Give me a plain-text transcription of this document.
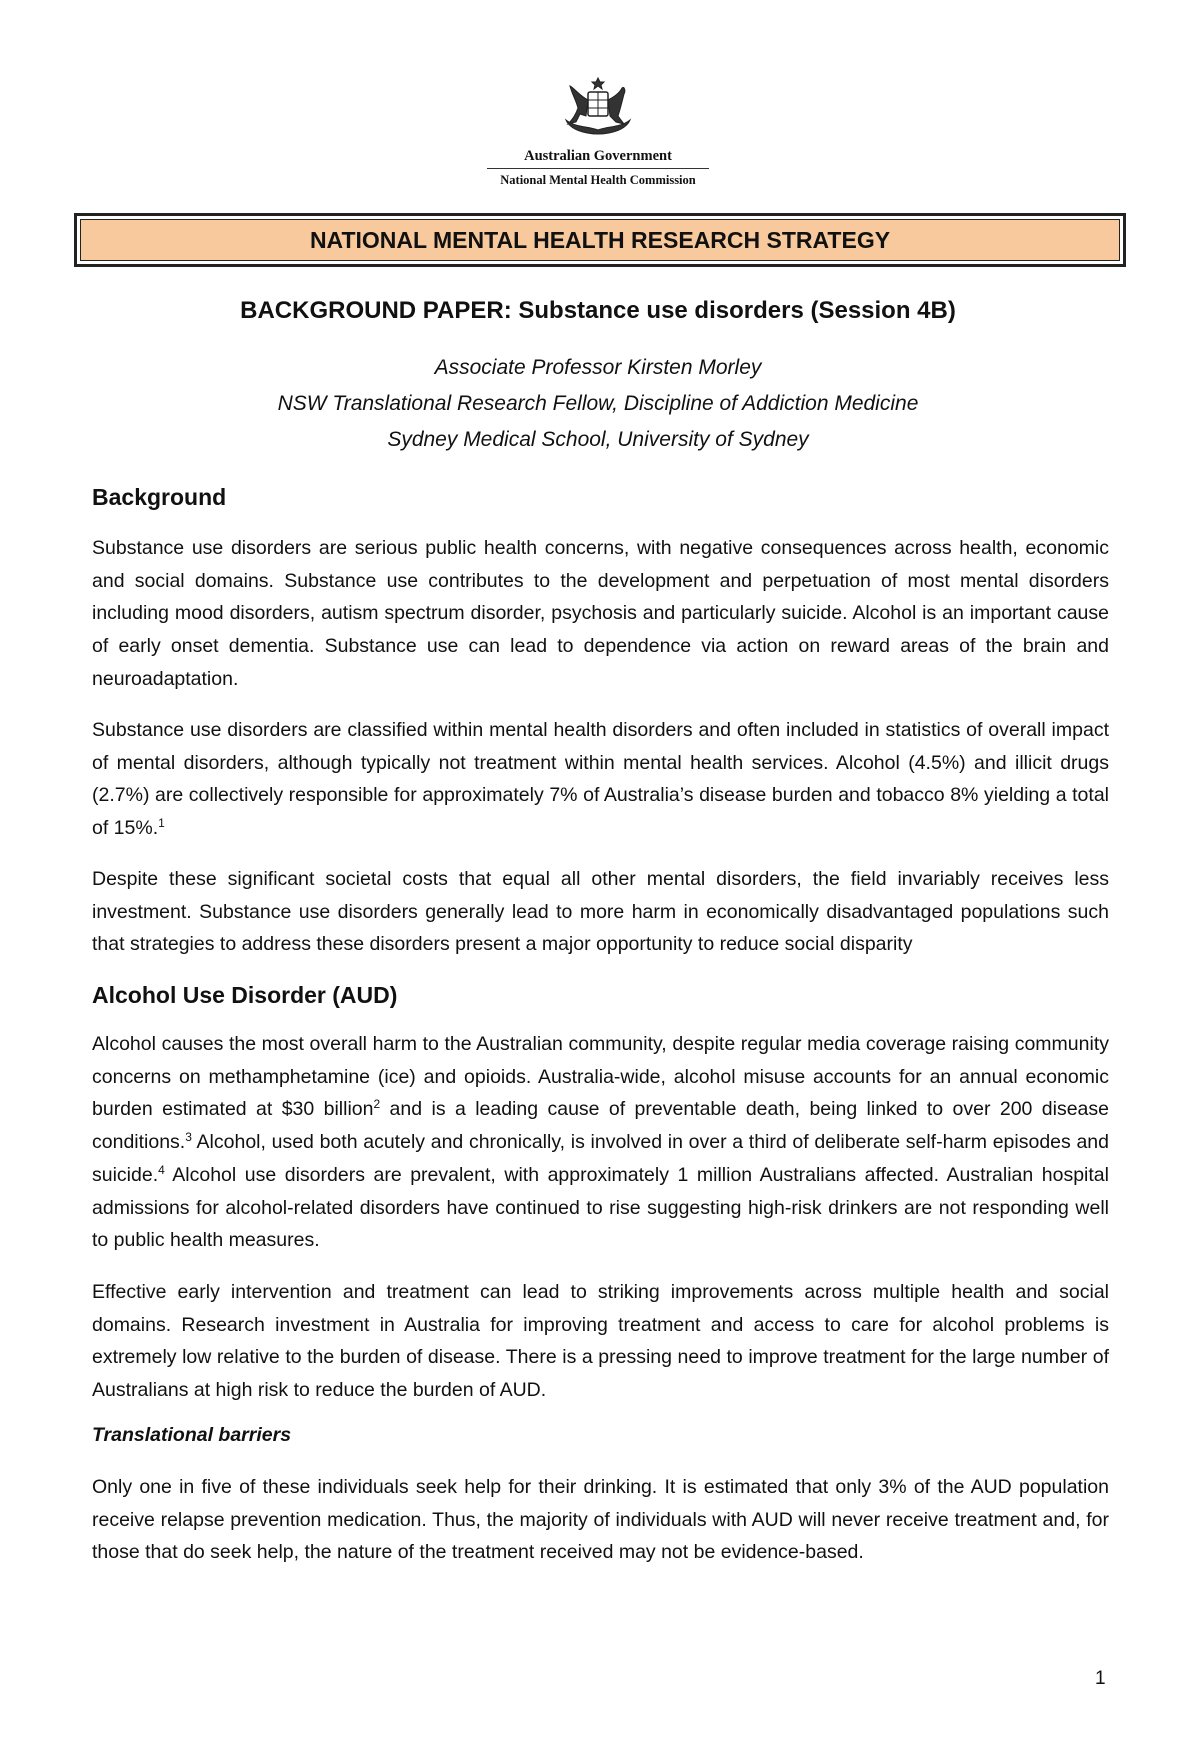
Australian Government
National Mental Health Commission
NATIONAL MENTAL HEALTH RESEARCH STRATEGY
BACKGROUND PAPER: Substance use disorders (Session 4B)
Associate Professor Kirsten Morley
NSW Translational Research Fellow, Discipline of Addiction Medicine
Sydney Medical School, University of Sydney
Background

Substance use disorders are serious public health concerns, with negative consequences across health, economic and social domains. Substance use contributes to the development and perpetuation of most mental disorders including mood disorders, autism spectrum disorder, psychosis and particularly suicide. Alcohol is an important cause of early onset dementia. Substance use can lead to dependence via action on reward areas of the brain and neuroadaptation.

Substance use disorders are classified within mental health disorders and often included in statistics of overall impact of mental disorders, although typically not treatment within mental health services. Alcohol (4.5%) and illicit drugs (2.7%) are collectively responsible for approximately 7% of Australia’s disease burden and tobacco 8% yielding a total of 15%.$^1$

Despite these significant societal costs that equal all other mental disorders, the field invariably receives less investment. Substance use disorders generally lead to more harm in economically disadvantaged populations such that strategies to address these disorders present a major opportunity to reduce social disparity

Alcohol Use Disorder (AUD)

Alcohol causes the most overall harm to the Australian community, despite regular media coverage raising community concerns on methamphetamine (ice) and opioids. Australia-wide, alcohol misuse accounts for an annual economic burden estimated at $30 billion$^2$ and is a leading cause of preventable death, being linked to over 200 disease conditions.$^3$ Alcohol, used both acutely and chronically, is involved in over a third of deliberate self-harm episodes and suicide.$^4$ Alcohol use disorders are prevalent, with approximately 1 million Australians affected. Australian hospital admissions for alcohol-related disorders have continued to rise suggesting high-risk drinkers are not responding well to public health measures.

Effective early intervention and treatment can lead to striking improvements across multiple health and social domains. Research investment in Australia for improving treatment and access to care for alcohol problems is extremely low relative to the burden of disease. There is a pressing need to improve treatment for the large number of Australians at high risk to reduce the burden of AUD.

Translational barriers

Only one in five of these individuals seek help for their drinking. It is estimated that only 3% of the AUD population receive relapse prevention medication. Thus, the majority of individuals with AUD will never receive treatment and, for those that do seek help, the nature of the treatment received may not be evidence-based.

1
